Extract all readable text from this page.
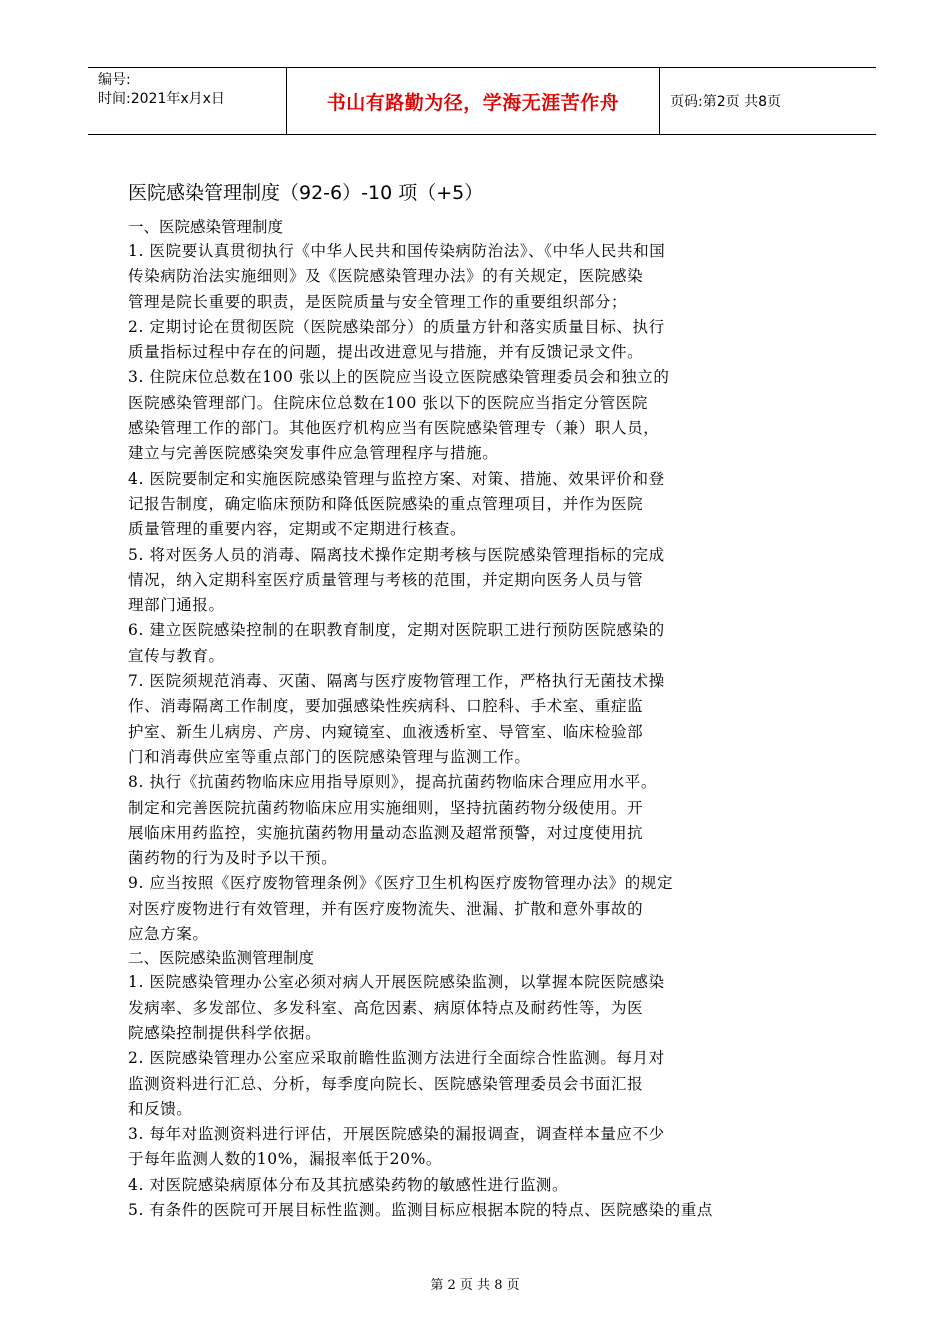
编号:
时间:2021年x月x日	书山有路勤为径，学海无涯苦作舟	页码:第2页 共8页
医院感染管理制度（92-6）-10 项（+5）
一、医院感染管理制度
1. 医院要认真贯彻执行《中华人民共和国传染病防治法》、《中华人民共和国
传染病防治法实施细则》及《医院感染管理办法》的有关规定，医院感染
管理是院长重要的职责，是医院质量与安全管理工作的重要组织部分；
2. 定期讨论在贯彻医院（医院感染部分）的质量方针和落实质量目标、执行
质量指标过程中存在的问题，提出改进意见与措施，并有反馈记录文件。
3. 住院床位总数在100 张以上的医院应当设立医院感染管理委员会和独立的
医院感染管理部门。住院床位总数在100 张以下的医院应当指定分管医院
感染管理工作的部门。其他医疗机构应当有医院感染管理专（兼）职人员，
建立与完善医院感染突发事件应急管理程序与措施。
4. 医院要制定和实施医院感染管理与监控方案、对策、措施、效果评价和登
记报告制度，确定临床预防和降低医院感染的重点管理项目，并作为医院
质量管理的重要内容，定期或不定期进行核查。
5. 将对医务人员的消毒、隔离技术操作定期考核与医院感染管理指标的完成
情况，纳入定期科室医疗质量管理与考核的范围，并定期向医务人员与管
理部门通报。
6. 建立医院感染控制的在职教育制度，定期对医院职工进行预防医院感染的
宣传与教育。
7. 医院须规范消毒、灭菌、隔离与医疗废物管理工作，严格执行无菌技术操
作、消毒隔离工作制度，要加强感染性疾病科、口腔科、手术室、重症监
护室、新生儿病房、产房、内窥镜室、血液透析室、导管室、临床检验部
门和消毒供应室等重点部门的医院感染管理与监测工作。
8. 执行《抗菌药物临床应用指导原则》，提高抗菌药物临床合理应用水平。
制定和完善医院抗菌药物临床应用实施细则，坚持抗菌药物分级使用。开
展临床用药监控，实施抗菌药物用量动态监测及超常预警，对过度使用抗
菌药物的行为及时予以干预。
9. 应当按照《医疗废物管理条例》《医疗卫生机构医疗废物管理办法》的规定
对医疗废物进行有效管理，并有医疗废物流失、泄漏、扩散和意外事故的
应急方案。
二、医院感染监测管理制度
1. 医院感染管理办公室必须对病人开展医院感染监测，以掌握本院医院感染
发病率、多发部位、多发科室、高危因素、病原体特点及耐药性等，为医
院感染控制提供科学依据。
2. 医院感染管理办公室应采取前瞻性监测方法进行全面综合性监测。每月对
监测资料进行汇总、分析，每季度向院长、医院感染管理委员会书面汇报
和反馈。
3. 每年对监测资料进行评估，开展医院感染的漏报调查，调查样本量应不少
于每年监测人数的10%，漏报率低于20%。
4. 对医院感染病原体分布及其抗感染药物的敏感性进行监测。
5. 有条件的医院可开展目标性监测。监测目标应根据本院的特点、医院感染的重点
第 2 页 共 8 页
